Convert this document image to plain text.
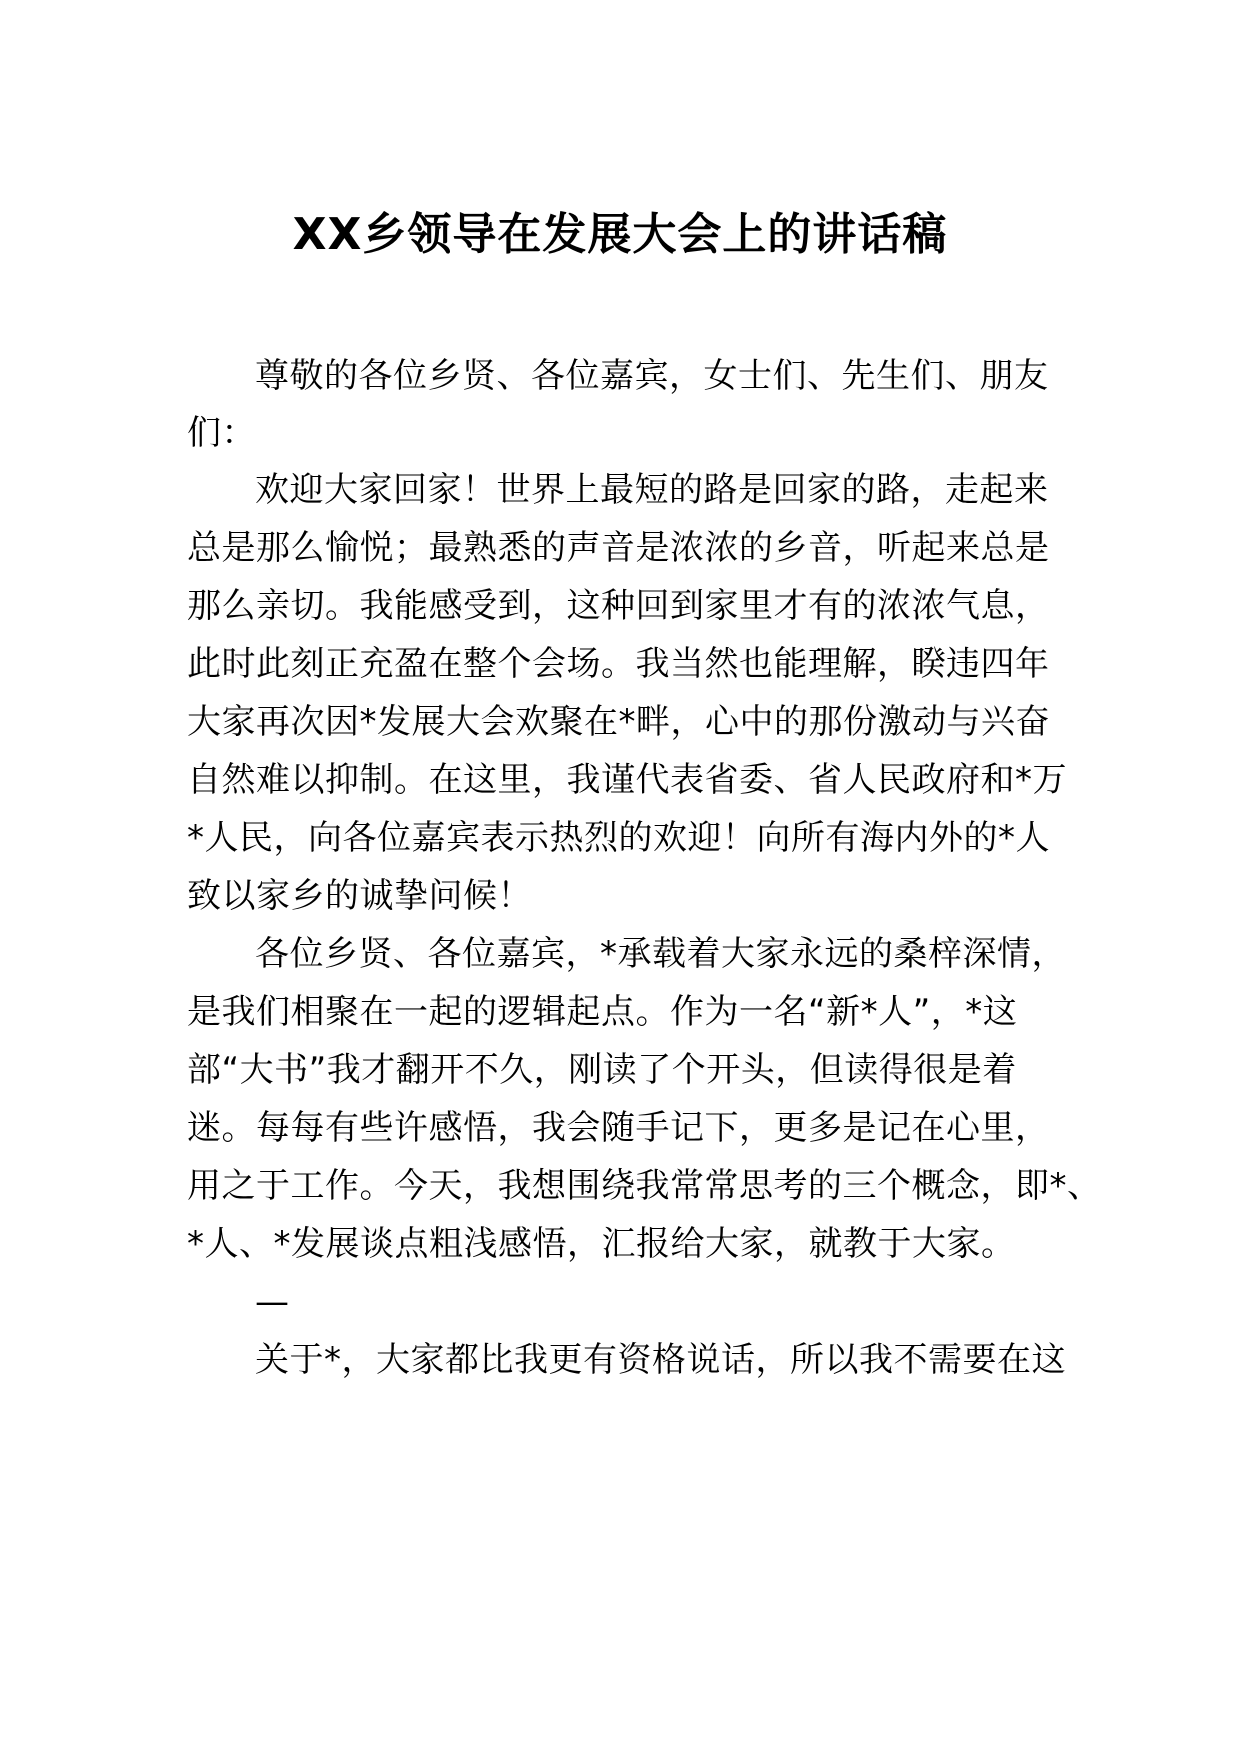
XX乡领导在发展大会上的讲话稿
尊敬的各位乡贤、各位嘉宾，女士们、先生们、朋友
们：
欢迎大家回家！世界上最短的路是回家的路，走起来
总是那么愉悦；最熟悉的声音是浓浓的乡音，听起来总是
那么亲切。我能感受到，这种回到家里才有的浓浓气息，
此时此刻正充盈在整个会场。我当然也能理解，睽违四年
大家再次因*发展大会欢聚在*畔，心中的那份激动与兴奋
自然难以抑制。在这里，我谨代表省委、省人民政府和*万
*人民，向各位嘉宾表示热烈的欢迎！向所有海内外的*人
致以家乡的诚挚问候！
各位乡贤、各位嘉宾，*承载着大家永远的桑梓深情，
是我们相聚在一起的逻辑起点。作为一名“新*人”，*这
部“大书”我才翻开不久，刚读了个开头，但读得很是着
迷。每每有些许感悟，我会随手记下，更多是记在心里，
用之于工作。今天，我想围绕我常常思考的三个概念，即*、
*人、*发展谈点粗浅感悟，汇报给大家，就教于大家。
—
关于*，大家都比我更有资格说话，所以我不需要在这
